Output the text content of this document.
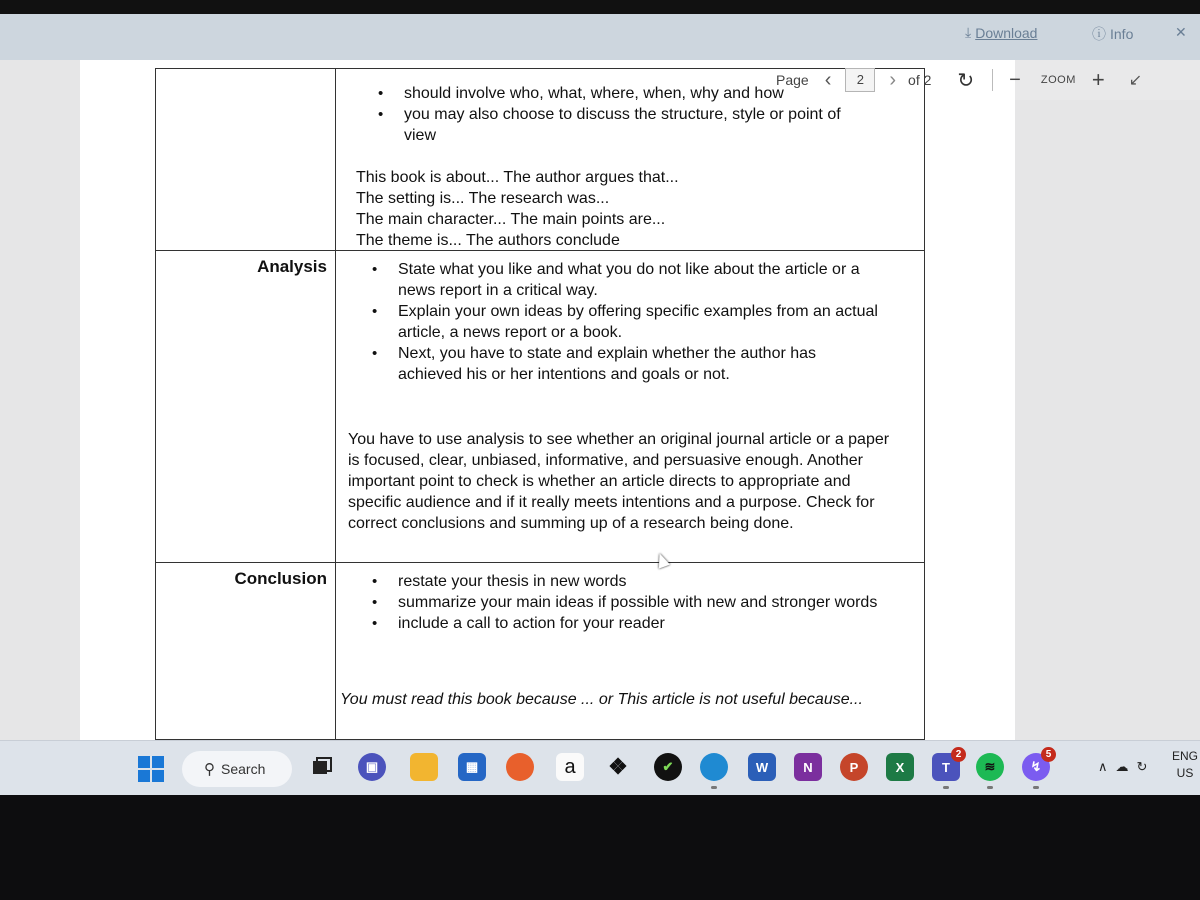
⤓ Download	ⓘ Info	✕
• should involve who, what, where, when, why and how
• you may also choose to discuss the structure, style or point of view
This book is about... The author argues that...
The setting is... The research was...
The main character... The main points are...
The theme is... The authors conclude
Analysis	• State what you like and what you do not like about the article or a news report in a critical way.
• Explain your own ideas by offering specific examples from an actual article, a news report or a book.
• Next, you have to state and explain whether the author has achieved his or her intentions and goals or not.
You have to use analysis to see whether an original journal article or a paper is focused, clear, unbiased, informative, and persuasive enough. Another important point to check is whether an article directs to appropriate and specific audience and if it really meets intentions and a purpose. Check for correct conclusions and summing up of a research being done.
Conclusion	• restate your thesis in new words
• summarize your main ideas if possible with new and stronger words
• include a call to action for your reader
You must read this book because ... or This article is not useful because...
Page ‹	2	› of 2 ↻ − ZOOM + ↙
⚲ Search	▣	▦	a ❖	✔	W	N	P	X	T
2
≋	↯
5
∧ ☁ ↻
ENG
US
